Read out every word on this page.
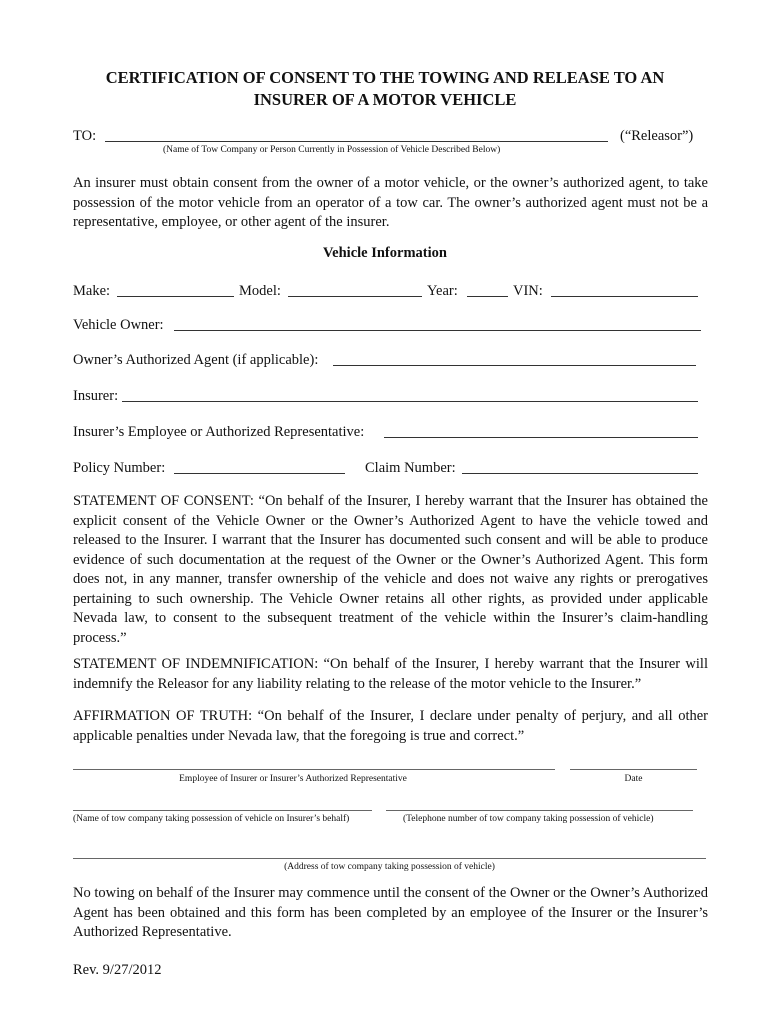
CERTIFICATION OF CONSENT TO THE TOWING AND RELEASE TO AN
INSURER OF A MOTOR VEHICLE
TO:	(“Releasor”)
(Name of Tow Company or Person Currently in Possession of Vehicle Described Below)
An insurer must obtain consent from the owner of a motor vehicle, or the owner’s authorized agent, to take possession of the motor vehicle from an operator of a tow car. The owner’s authorized agent must not be a representative, employee, or other agent of the insurer.
Vehicle Information
Make:	Model:	Year:	VIN:
Vehicle Owner:
Owner’s Authorized Agent (if applicable):
Insurer:
Insurer’s Employee or Authorized Representative:
Policy Number:	Claim Number:
STATEMENT OF CONSENT: “On behalf of the Insurer, I hereby warrant that the Insurer has obtained the explicit consent of the Vehicle Owner or the Owner’s Authorized Agent to have the vehicle towed and released to the Insurer. I warrant that the Insurer has documented such consent and will be able to produce evidence of such documentation at the request of the Owner or the Owner’s Authorized Agent. This form does not, in any manner, transfer ownership of the vehicle and does not waive any rights or prerogatives pertaining to such ownership. The Vehicle Owner retains all other rights, as provided under applicable Nevada law, to consent to the subsequent treatment of the vehicle within the Insurer’s claim-handling process.”
STATEMENT OF INDEMNIFICATION: “On behalf of the Insurer, I hereby warrant that the Insurer will indemnify the Releasor for any liability relating to the release of the motor vehicle to the Insurer.”
AFFIRMATION OF TRUTH: “On behalf of the Insurer, I declare under penalty of perjury, and all other applicable penalties under Nevada law, that the foregoing is true and correct.”
Employee of Insurer or Insurer’s Authorized Representative	Date
(Name of tow company taking possession of vehicle on Insurer’s behalf)	(Telephone number of tow company taking possession of vehicle)
(Address of tow company taking possession of vehicle)
No towing on behalf of the Insurer may commence until the consent of the Owner or the Owner’s Authorized Agent has been obtained and this form has been completed by an employee of the Insurer or the Insurer’s Authorized Representative.
Rev. 9/27/2012
